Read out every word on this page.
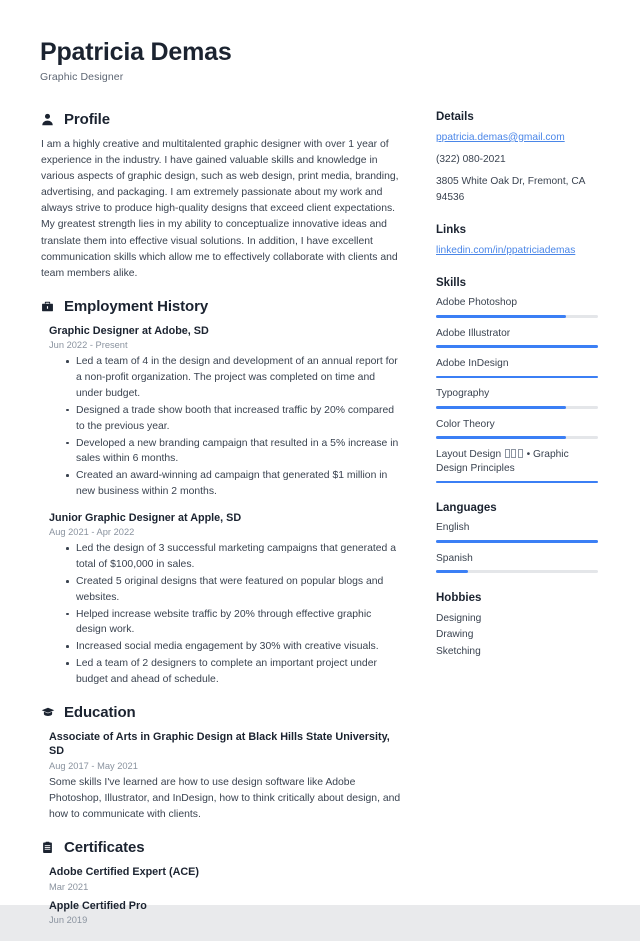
Ppatricia Demas
Graphic Designer
Profile
I am a highly creative and multitalented graphic designer with over 1 year of experience in the industry. I have gained valuable skills and knowledge in various aspects of graphic design, such as web design, print media, branding, advertising, and packaging. I am extremely passionate about my work and always strive to produce high-quality designs that exceed client expectations. My greatest strength lies in my ability to conceptualize innovative ideas and translate them into effective visual solutions. In addition, I have excellent communication skills which allow me to effectively collaborate with clients and team members alike.
Employment History
Graphic Designer at Adobe, SD
Jun 2022 - Present
Led a team of 4 in the design and development of an annual report for a non-profit organization. The project was completed on time and under budget.
Designed a trade show booth that increased traffic by 20% compared to the previous year.
Developed a new branding campaign that resulted in a 5% increase in sales within 6 months.
Created an award-winning ad campaign that generated $1 million in new business within 2 months.
Junior Graphic Designer at Apple, SD
Aug 2021 - Apr 2022
Led the design of 3 successful marketing campaigns that generated a total of $100,000 in sales.
Created 5 original designs that were featured on popular blogs and websites.
Helped increase website traffic by 20% through effective graphic design work.
Increased social media engagement by 30% with creative visuals.
Led a team of 2 designers to complete an important project under budget and ahead of schedule.
Education
Associate of Arts in Graphic Design at Black Hills State University, SD
Aug 2017 - May 2021
Some skills I've learned are how to use design software like Adobe Photoshop, Illustrator, and InDesign, how to think critically about design, and how to communicate with clients.
Certificates
Adobe Certified Expert (ACE)
Mar 2021
Apple Certified Pro
Jun 2019
Details
ppatricia.demas@gmail.com
(322) 080-2021
3805 White Oak Dr, Fremont, CA 94536
Links
linkedin.com/in/ppatriciademas
Skills
Adobe Photoshop
Adobe Illustrator
Adobe InDesign
Typography
Color Theory
Layout Design  • Graphic Design Principles
Languages
English
Spanish
Hobbies
Designing
Drawing
Sketching
